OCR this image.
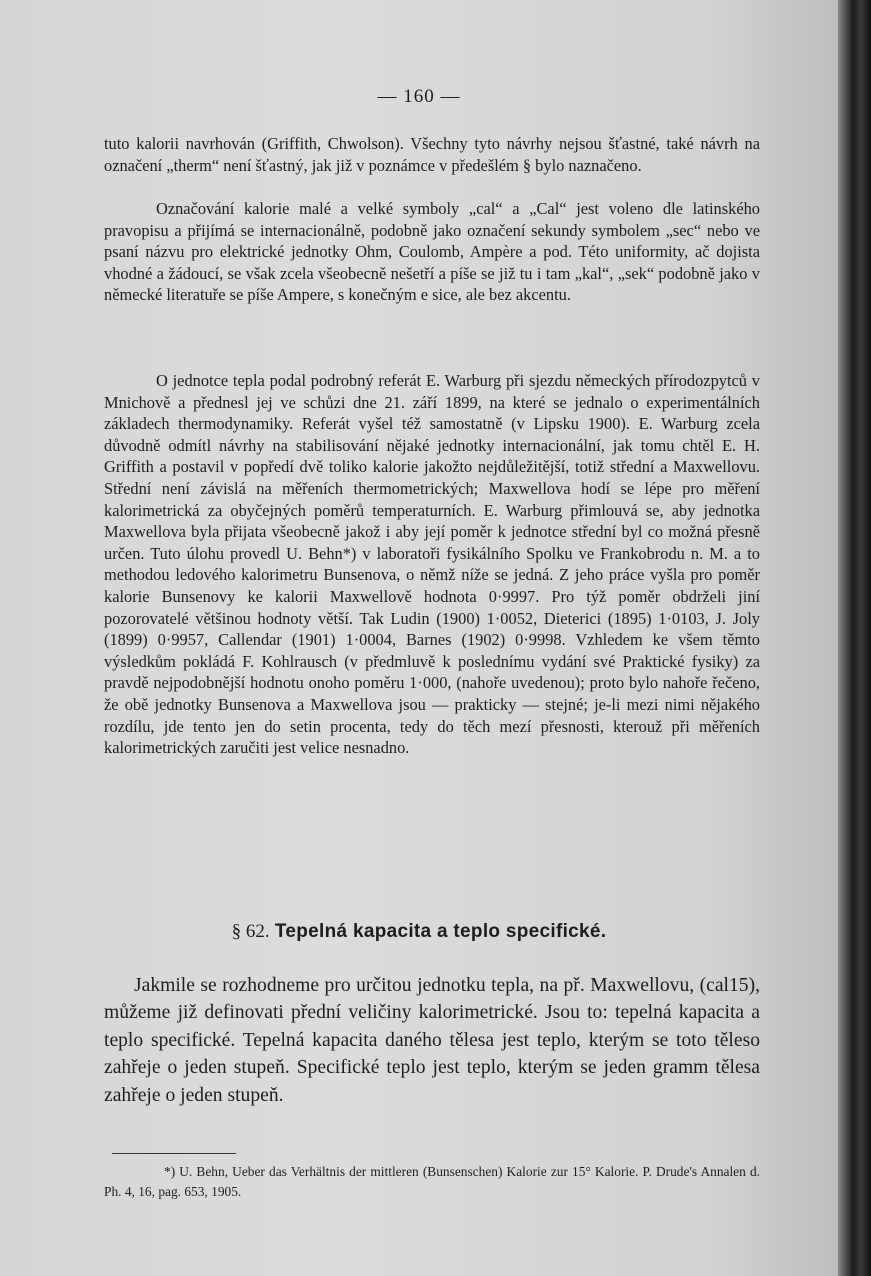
— 160 —

tuto kalorii navrhován (Griffith, Chwolson). Všechny tyto návrhy nejsou šťastné, také návrh na označení „therm“ není šťastný, jak již v poznámce v předešlém § bylo naznačeno.

Označování kalorie malé a velké symboly „cal“ a „Cal“ jest voleno dle latinského pravopisu a přijímá se internacionálně, podobně jako označení sekundy symbolem „sec“ nebo ve psaní názvu pro elektrické jednotky Ohm, Coulomb, Ampère a pod. Této uniformity, ač dojista vhodné a žádoucí, se však zcela všeobecně nešetří a píše se již tu i tam „kal“, „sek“ podobně jako v německé literatuře se píše Ampere, s konečným e sice, ale bez akcentu.

O jednotce tepla podal podrobný referát E. Warburg při sjezdu německých přírodozpytců v Mnichově a přednesl jej ve schůzi dne 21. září 1899, na které se jednalo o experimentálních základech thermodynamiky. Referát vyšel též samostatně (v Lipsku 1900). E. Warburg zcela důvodně odmítl návrhy na stabilisování nějaké jednotky internacionální, jak tomu chtěl E. H. Griffith a postavil v popředí dvě toliko kalorie jakožto nejdůležitější, totiž střední a Maxwellovu. Střední není závislá na měřeních thermometrických; Maxwellova hodí se lépe pro měření kalorimetrická za obyčejných poměrů temperaturních. E. Warburg přimlouvá se, aby jednotka Maxwellova byla přijata všeobecně jakož i aby její poměr k jednotce střední byl co možná přesně určen. Tuto úlohu provedl U. Behn*) v laboratoři fysikálního Spolku ve Frankobrodu n. M. a to methodou ledového kalorimetru Bunsenova, o němž níže se jedná. Z jeho práce vyšla pro poměr kalorie Bunsenovy ke kalorii Maxwellově hodnota 0·9997. Pro týž poměr obdrželi jiní pozorovatelé většinou hodnoty větší. Tak Ludin (1900) 1·0052, Dieterici (1895) 1·0103, J. Joly (1899) 0·9957, Callendar (1901) 1·0004, Barnes (1902) 0·9998. Vzhledem ke všem těmto výsledkům pokládá F. Kohlrausch (v předmluvě k poslednímu vydání své Praktické fysiky) za pravdě nejpodobnější hodnotu onoho poměru 1·000, (nahoře uvedenou); proto bylo nahoře řečeno, že obě jednotky Bunsenova a Maxwellova jsou — prakticky — stejné; je-li mezi nimi nějakého rozdílu, jde tento jen do setin procenta, tedy do těch mezí přesnosti, kterouž při měřeních kalorimetrických zaručiti jest velice nesnadno.

§ 62. Tepelná kapacita a teplo specifické.

Jakmile se rozhodneme pro určitou jednotku tepla, na př. Maxwellovu, (cal15), můžeme již definovati přední veličiny kalorimetrické. Jsou to: tepelná kapacita a teplo specifické. Tepelná kapacita daného tělesa jest teplo, kterým se toto těleso zahřeje o jeden stupeň. Specifické teplo jest teplo, kterým se jeden gramm tělesa zahřeje o jeden stupeň.

*) U. Behn, Ueber das Verhältnis der mittleren (Bunsenschen) Kalorie zur 15° Kalorie. P. Drude's Annalen d. Ph. 4, 16, pag. 653, 1905.
